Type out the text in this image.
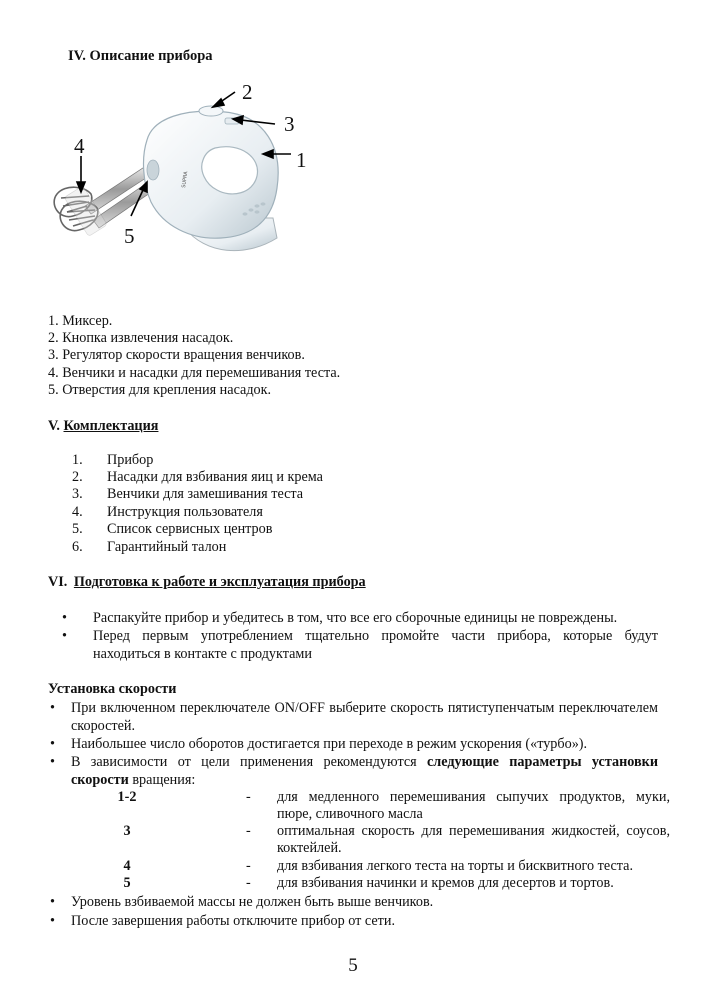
IV. Описание прибора
SUPRA
2
3
1
4
5
1. Миксер.
2. Кнопка извлечения насадок.
3. Регулятор скорости вращения венчиков.
4. Венчики и насадки для перемешивания теста.
5. Отверстия для крепления насадок.
V. Комплектация
1. Прибор
2. Насадки для взбивания яиц и крема
3. Венчики для замешивания теста
4. Инструкция пользователя
5. Список сервисных центров
6. Гарантийный талон
VI. Подготовка к работе и эксплуатация прибора
• Распакуйте прибор и убедитесь в том, что все его сборочные единицы не повреждены.
• Перед первым употреблением тщательно промойте части прибора, которые будут находиться в контакте с продуктами
Установка скорости
• При включенном переключателе ON/OFF выберите скорость пятиступенчатым переключателем скоростей.
• Наибольшее число оборотов достигается при переходе в режим ускорения («турбо»).
• В зависимости от цели применения рекомендуются следующие параметры установки скорости вращения:
1-2	- для медленного перемешивания сыпучих продуктов, муки, пюре, сливочного масла
3	- оптимальная скорость для перемешивания жидкостей, соусов, коктейлей.
4	- для взбивания легкого теста на торты и бисквитного теста.
5	- для взбивания начинки и кремов для десертов и тортов.
• Уровень взбиваемой массы не должен быть выше венчиков.
• После завершения работы отключите прибор от сети.
5
